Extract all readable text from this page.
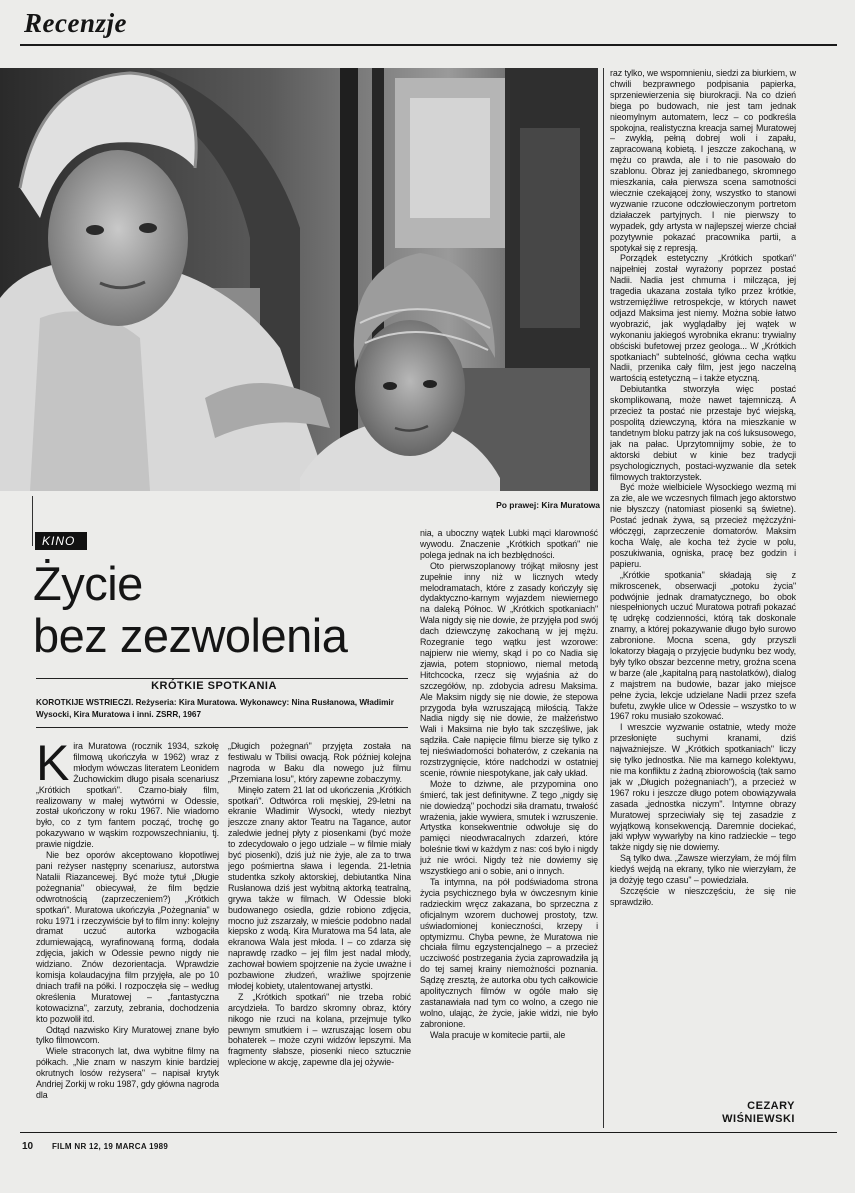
Recenzje
Po prawej: Kira Muratowa
KINO
Życie
bez zezwolenia
KRÓTKIE SPOTKANIA
KOROTKIJE WSTRIECZI. Reżyseria: Kira Muratowa. Wykonawcy: Nina Rusłanowa, Władimir Wysocki, Kira Muratowa i inni. ZSRR, 1967
K ira Muratowa (rocznik 1934, szkołę filmową ukończyła w 1962) wraz z młodym wówczas literatem Leonidem Żuchowickim długo pisała scenariusz „Krótkich spotkań". Czarno-biały film, realizowany w małej wytwórni w Odessie, został ukończony w roku 1967. Nie wiadomo było, co z tym fantem począć, trochę go pokazywano w wąskim rozpowszechnianiu, tj. prawie nigdzie.

Nie bez oporów akceptowano kłopotliwej pani reżyser następny scenariusz, autorstwa Natalii Riazancewej. Być może tytuł „Długie pożegnania" obiecywał, że film będzie odwrotnością (zaprzeczeniem?) „Krótkich spotkań". Muratowa ukończyła „Pożegnania" w roku 1971 i rzeczywiście był to film inny: kolejny dramat uczuć autorka wzbogaciła zdumiewającą, wyrafinowaną formą, dodała zdjęcia, jakich w Odessie pewno nigdy nie widziano. Znów dezorientacja. Wprawdzie komisja kolaudacyjna film przyjęła, ale po 10 dniach trafił na półki. I rozpoczęła się – według określenia Muratowej – „fantastyczna kotowacizna", zarzuty, zebrania, dochodzenia kto pozwolił itd.

Odtąd nazwisko Kiry Muratowej znane było tylko filmowcom.

Wiele straconych lat, dwa wybitne filmy na półkach. „Nie znam w naszym kinie bardziej okrutnych losów reżysera" – napisał krytyk Andriej Zorkij w roku 1987, gdy główna nagroda dla

„Długich pożegnań" przyjęta została na festiwalu w Tbilisi owacją. Rok później kolejna nagroda w Baku dla nowego już filmu „Przemiana losu", który zapewne zobaczymy.

Minęło zatem 21 lat od ukończenia „Krótkich spotkań". Odtwórca roli męskiej, 29-letni na ekranie Władimir Wysocki, wtedy niezbyt jeszcze znany aktor Teatru na Tagance, autor zaledwie jednej płyty z piosenkami (być może to zdecydowało o jego udziale – w filmie miały być piosenki), dziś już nie żyje, ale za to trwa jego pośmiertna sława i legenda. 21-letnia studentka szkoły aktorskiej, debiutantka Nina Rusłanowa dziś jest wybitną aktorką teatralną, grywa także w filmach. W Odessie bloki budowanego osiedla, gdzie robiono zdjęcia, mocno już zszarzały, w mieście podobno nadal kiepsko z wodą. Kira Muratowa ma 54 lata, ale ekranowa Wala jest młoda. I – co zdarza się naprawdę rzadko – jej film jest nadal młody, zachował bowiem spojrzenie na życie uważne i pozbawione złudzeń, wrażliwe spojrzenie młodej kobiety, utalentowanej artystki.

Z „Krótkich spotkań" nie trzeba robić arcydzieła. To bardzo skromny obraz, który nikogo nie rzuci na kolana, przejmuje tylko pewnym smutkiem i – wzruszając losem obu bohaterek – może czyni widzów lepszymi. Ma fragmenty słabsze, piosenki nieco sztucznie wplecione w akcję, zapewne dla jej ożywie-

nia, a uboczny wątek Lubki mąci klarowność wywodu. Znaczenie „Krótkich spotkań" nie polega jednak na ich bezbłędności.

Oto pierwszoplanowy trójkąt miłosny jest zupełnie inny niż w licznych wtedy melodramatach, które z zasady kończyły się dydaktyczno-karnym wyjazdem niewiernego na daleką Północ. W „Krótkich spotkaniach" Wala nigdy się nie dowie, że przyjęła pod swój dach dziewczynę zakochaną w jej mężu. Rozegranie tego wątku jest wzorowe: najpierw nie wiemy, skąd i po co Nadia się zjawia, potem stopniowo, niemal metodą Hitchcocka, rzecz się wyjaśnia aż do szczegółów, np. zdobycia adresu Maksima. Ale Maksim nigdy się nie dowie, że stepowa przygoda była wzruszającą miłością. Także Nadia nigdy się nie dowie, że małżeństwo Wali i Maksima nie było tak szczęśliwe, jak sądziła. Całe napięcie filmu bierze się tylko z tej nieświadomości bohaterów, z czekania na rozstrzygnięcie, które nadchodzi w ostatniej scenie, równie niespotykane, jak cały układ.

Może to dziwne, ale przypomina ono śmierć, tak jest definitywne. Z tego „nigdy się nie dowiedzą" pochodzi siła dramatu, trwałość wrażenia, jakie wywiera, smutek i wzruszenie. Artystka konsekwentnie odwołuje się do pamięci nieodwracalnych zdarzeń, które boleśnie tkwi w każdym z nas: coś było i nigdy już nie wróci. Nigdy też nie dowiemy się wszystkiego ani o sobie, ani o innych.

Ta intymna, na pół podświadoma strona życia psychicznego była w ówczesnym kinie radzieckim wręcz zakazana, bo sprzeczna z oficjalnym wzorem duchowej prostoty, tzw. uświadomionej konieczności, krzepy i optymizmu. Chyba pewne, że Muratowa nie chciała filmu egzystencjalnego – a przecież uczciwość postrzegania życia zaprowadziła ją do tej samej krainy niemożności poznania. Sądzę zresztą, że autorka obu tych całkowicie apolitycznych filmów w ogóle mało się zastanawiała nad tym co wolno, a czego nie wolno, ulając, że życie, jakie widzi, nie było zabronione.

Wala pracuje w komitecie partii, ale

raz tylko, we wspomnieniu, siedzi za biurkiem, w chwili bezprawnego podpisania papierka, sprzeniewierzenia się biurokracji. Na co dzień biega po budowach, nie jest tam jednak nieomylnym automatem, lecz – co podkreśla spokojna, realistyczna kreacja samej Muratowej – zwykłą, pełną dobrej woli i zapału, zapracowaną kobietą. I jeszcze zakochaną, w mężu co prawda, ale i to nie pasowało do szablonu. Obraz jej zaniedbanego, skromnego mieszkania, cała pierwsza scena samotności wiecznie czekającej żony, wszystko to stanowi wyzwanie rzucone odczłowieczonym portretom działaczek partyjnych. I nie pierwszy to wypadek, gdy artysta w najlepszej wierze chciał pozytywnie pokazać pracownika partii, a spotykał się z represją.

Porządek estetyczny „Krótkich spotkań" najpełniej został wyrażony poprzez postać Nadii. Nadia jest chmurna i milcząca, jej tragedia ukazana została tylko przez krótkie, wstrzemięźliwe retrospekcje, w których nawet odjazd Maksima jest niemy. Można sobie łatwo wyobrazić, jak wyglądałby jej wątek w wykonaniu jakiegoś wyrobnika ekranu: trywialny obściski bufetowej przez geologa... W „Krótkich spotkaniach" subtelność, główna cecha wątku Nadii, przenika cały film, jest jego naczelną wartością estetyczną – i także etyczną.

Debiutantka stworzyła więc postać skomplikowaną, może nawet tajemniczą. A przecież ta postać nie przestaje być wiejską, pospolitą dziewczyną, która na mieszkanie w tandetnym bloku patrzy jak na coś luksusowego, jak na pałac. Uprzytomnijmy sobie, że to aktorski debiut w kinie bez tradycji psychologicznych, postaci-wyzwanie dla setek filmowych traktorzystek.

Być może wielbiciele Wysockiego wezmą mi za złe, ale we wczesnych filmach jego aktorstwo nie błyszczy (natomiast piosenki są świetne). Postać jednak żywa, są przecież mężczyźni-włóczęgi, zaprzeczenie domatorów. Maksim kocha Walę, ale kocha też życie w polu, poszukiwania, ogniska, pracę bez godzin i papieru.

„Krótkie spotkania" składają się z mikroscenek, obserwacji „potoku życia" podwójnie jednak dramatycznego, bo obok niespełnionych uczuć Muratowa potrafi pokazać tę udrękę codzienności, którą tak doskonale znamy, a której pokazywanie długo było surowo zabronione. Mocna scena, gdy przyszli lokatorzy błagają o przyjęcie budynku bez wody, były tylko obszar bezcenne metry, groźna scena w barze (ale „kapitalną parą nastolatków), dialog z majstrem na budowie, bazar jako miejsce pełne życia, lekcje udzielane Nadii przez szefa bufetu, zwykłe ulice w Odessie – wszystko to w 1967 roku musiało szokować.

I wreszcie wyzwanie ostatnie, wtedy może przesłonięte suchymi kranami, dziś najważniejsze. W „Krótkich spotkaniach" liczy się tylko jednostka. Nie ma karnego kolektywu, nie ma konfliktu z żadną zbiorowością (tak samo jak w „Długich pożegnaniach"), a przecież w 1967 roku i jeszcze długo potem obowiązywała zasada „jednostka niczym". Intymne obrazy Muratowej sprzeciwiały się tej zasadzie z wyjątkową konsekwencją. Daremnie dociekać, jaki wpływ wywarłyby na kino radzieckie – tego także nigdy się nie dowiemy.

Są tylko dwa. „Zawsze wierzyłam, że mój film kiedyś wejdą na ekrany, tylko nie wierzyłam, że ja dożyję tego czasu" – powiedziała.

Szczęście w nieszczęściu, że się nie sprawdziło.

CEZARY
WIŚNIEWSKI
10 FILM NR 12, 19 MARCA 1989
